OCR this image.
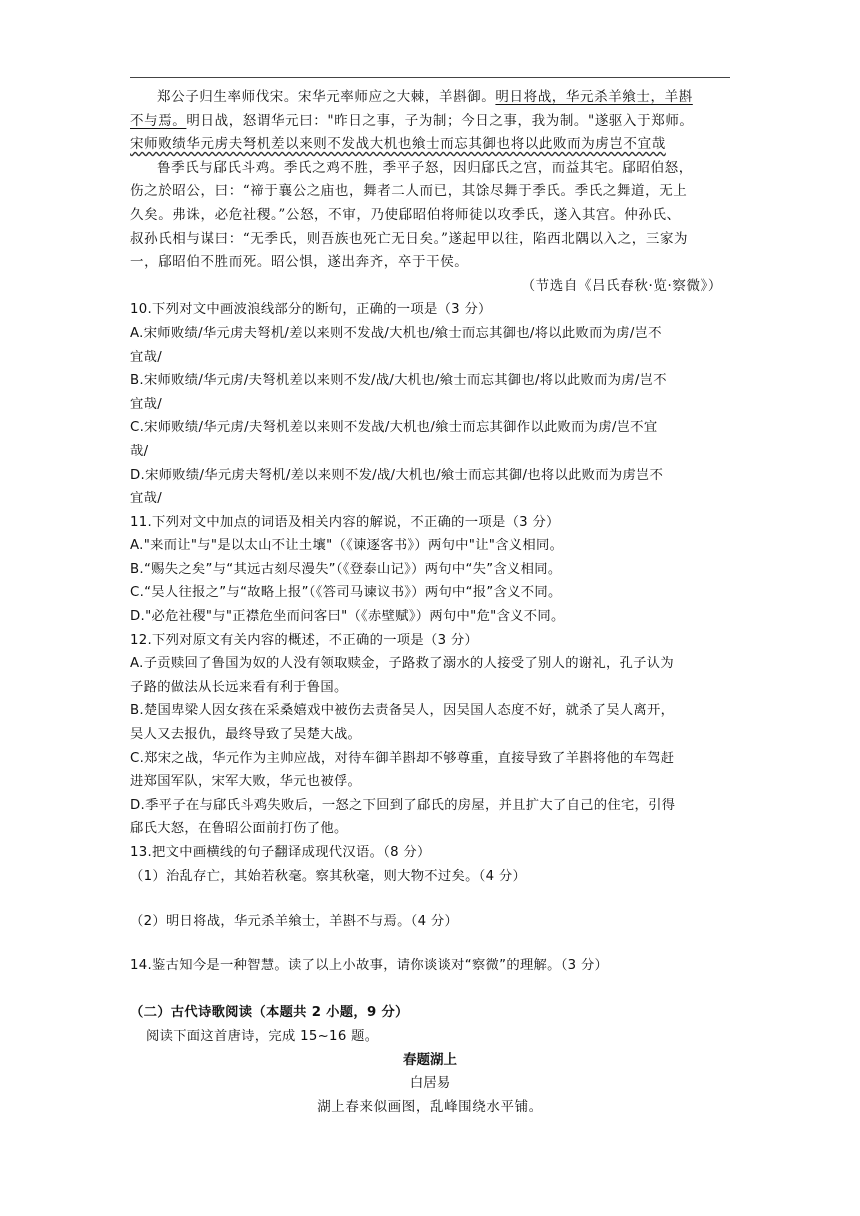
郑公子归生率师伐宋。宋华元率师应之大棘，羊斟御。明日将战，华元杀羊飨士，羊斟
不与焉。明日战，怒谓华元曰："昨日之事，子为制；今日之事，我为制。"遂驱入于郑师。
宋师败绩华元虏夫弩机差以来则不发战大机也飨士而忘其御也将以此败而为虏岂不宜哉
鲁季氏与郈氏斗鸡。季氏之鸡不胜，季平子怒，因归郈氏之宫，而益其宅。郈昭伯怒，
伤之於昭公，曰：“禘于襄公之庙也，舞者二人而已，其馀尽舞于季氏。季氏之舞道，无上
久矣。弗诛，必危社稷。”公怒，不审，乃使郈昭伯将师徒以攻季氏，遂入其宫。仲孙氏、
叔孙氏相与谋曰：“无季氏，则吾族也死亡无日矣。”遂起甲以往，陷西北隅以入之，三家为
一，郈昭伯不胜而死。昭公惧，遂出奔齐，卒于干侯。
（节选自《吕氏春秋·览·察微》）
10.下列对文中画波浪线部分的断句，正确的一项是（3 分）
A.宋师败绩/华元虏夫弩机/差以来则不发战/大机也/飨士而忘其御也/将以此败而为虏/岂不
宜哉/
B.宋师败绩/华元虏/夫弩机差以来则不发/战/大机也/飨士而忘其御也/将以此败而为虏/岂不
宜哉/
C.宋师败绩/华元虏/夫弩机差以来则不发战/大机也/飨士而忘其御作以此败而为虏/岂不宜
哉/
D.宋师败绩/华元虏夫弩机/差以来则不发/战/大机也/飨士而忘其御/也将以此败而为虏岂不
宜哉/
11.下列对文中加点的词语及相关内容的解说，不正确的一项是（3 分）
A."来而让"与"是以太山不让土壤"（《谏逐客书》）两句中"让"含义相同。
B.“赐失之矣”与“其远古刻尽漫失”（《登泰山记》）两句中“失”含义相同。
C.“吴人往报之”与“故略上报”（《答司马谏议书》）两句中“报”含义不同。
D."必危社稷"与"正襟危坐而问客曰"（《赤壁赋》）两句中"危"含义不同。
12.下列对原文有关内容的概述，不正确的一项是（3 分）
A.子贡赎回了鲁国为奴的人没有领取赎金，子路救了溺水的人接受了别人的谢礼，孔子认为
子路的做法从长远来看有利于鲁国。
B.楚国卑梁人因女孩在采桑嬉戏中被伤去责备吴人，因吴国人态度不好，就杀了吴人离开，
吴人又去报仇，最终导致了吴楚大战。
C.郑宋之战，华元作为主帅应战，对待车御羊斟却不够尊重，直接导致了羊斟将他的车驾赶
进郑国军队，宋军大败，华元也被俘。
D.季平子在与郈氏斗鸡失败后，一怒之下回到了郈氏的房屋，并且扩大了自己的住宅，引得
郈氏大怒，在鲁昭公面前打伤了他。
13.把文中画横线的句子翻译成现代汉语。（8 分）
（1）治乱存亡，其始若秋毫。察其秋毫，则大物不过矣。（4 分）
（2）明日将战，华元杀羊飨士，羊斟不与焉。（4 分）
14.鉴古知今是一种智慧。读了以上小故事，请你谈谈对“察微”的理解。（3 分）
（二）古代诗歌阅读（本题共 2 小题，9 分）
阅读下面这首唐诗，完成 15~16 题。
春题湖上
白居易
湖上春来似画图，乱峰围绕水平铺。
